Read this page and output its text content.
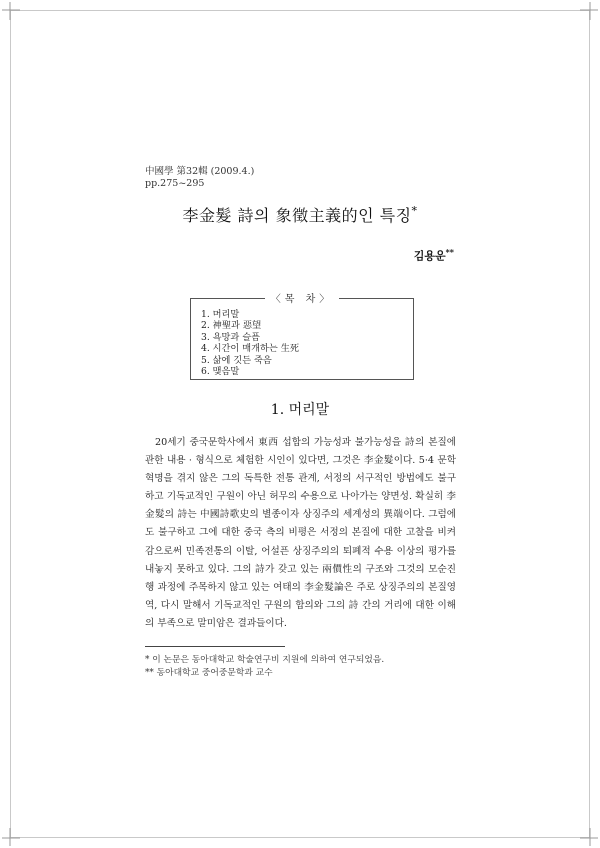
中國學 第32輯 (2009.4.)
pp.275~295
李金髮 詩의 象徵主義的인 특징*
김용운**
〈목 차〉
1. 머리말
2. 神聖과 惡望
3. 욕망과 슬픔
4. 시간이 매개하는 生死
5. 삶에 깃든 죽음
6. 맺음말
1. 머리말

20세기 중국문학사에서 東西 섭합의 가능성과 불가능성을 詩의 본질에 관한 내용 · 형식으로 체험한 시인이 있다면, 그것은 李金髮이다. 5·4 문학혁명을 겪지 않은 그의 독특한 전통 관계, 서정의 서구적인 방법에도 불구하고 기독교적인 구원이 아닌 허무의 수용으로 나아가는 양면성. 확실히 李金髮의 詩는 中國詩歌史의 별종이자 상징주의 세계성의 異端이다. 그럼에도 불구하고 그에 대한 중국 측의 비평은 서정의 본질에 대한 고찰을 비켜감으로써 민족전통의 이탈, 어설픈 상징주의의 퇴폐적 수용 이상의 평가를 내놓지 못하고 있다. 그의 詩가 갖고 있는 兩價性의 구조와 그것의 모순진행 과정에 주목하지 않고 있는 여태의 李金髮論은 주로 상징주의의 본질영역, 다시 말해서 기독교적인 구원의 합의와 그의 詩 간의 거리에 대한 이해의 부족으로 말미암은 결과들이다.

* 이 논문은 동아대학교 학술연구비 지원에 의하여 연구되었음.
** 동아대학교 중어중문학과 교수
